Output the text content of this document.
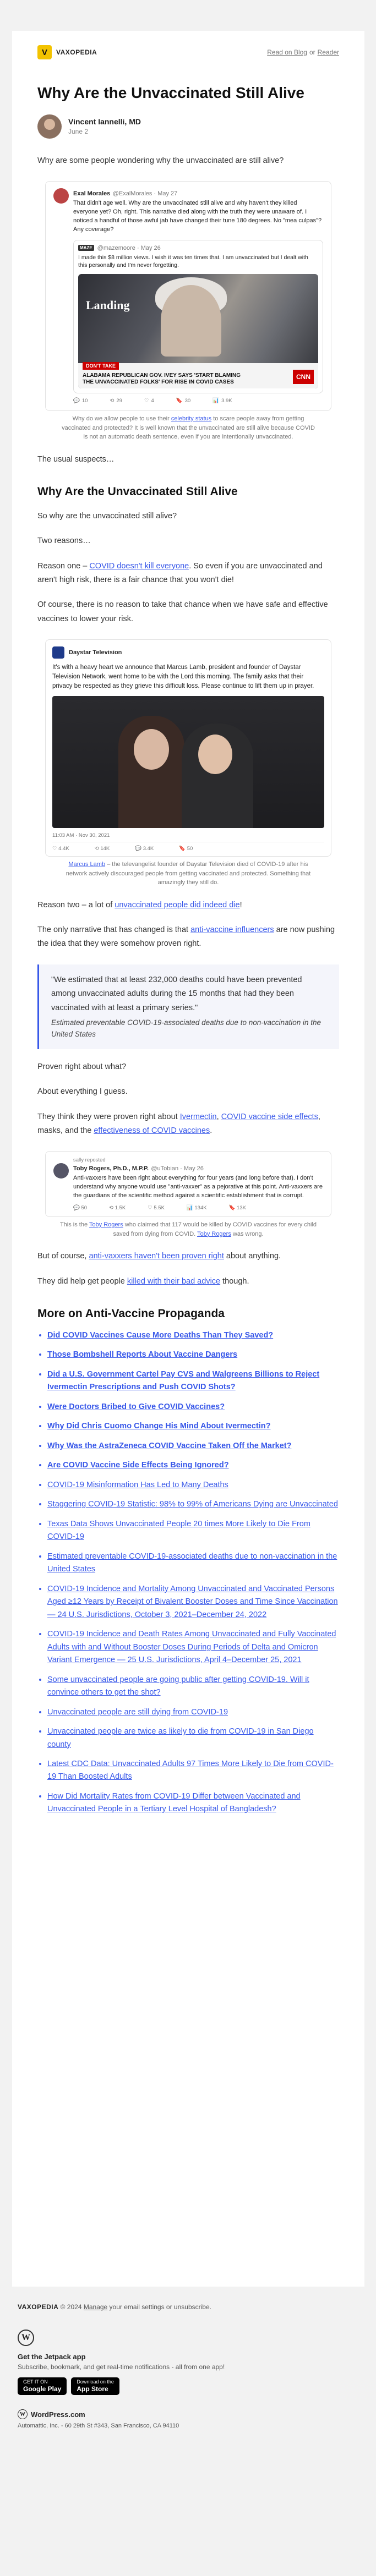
V	VAXOPEDIA	Read on Blog or Reader
Why Are the Unvaccinated Still Alive
Vincent Iannelli, MD
June 2

Why are some people wondering why the unvaccinated are still alive?

Exal Morales @ExalMorales · May 27
That didn't age well. Why are the unvaccinated still alive and why haven't they killed everyone yet? Oh, right. This narrative died along with the truth they were unaware of. I noticed a handful of those awful jab have changed their tune 180 degrees. No "mea culpas"? Any coverage?
MAZE @mazemoore · May 26
I made this $8 million views. I wish it was ten times that. I am unvaccinated but I dealt with this personally and I'm never forgetting.
Landing
DON'T TAKE
ALABAMA REPUBLICAN GOV. IVEY SAYS 'START BLAMING
THE UNVACCINATED FOLKS' FOR RISE IN COVID CASES
CNN
💬 10	⟲ 29	♡ 4	🔖 30	📊 3.9K
Why do we allow people to use their celebrity status to scare people away from getting vaccinated and protected? It is well known that the unvaccinated are still alive because COVID is not an automatic death sentence, even if you are intentionally unvaccinated.

The usual suspects…

Why Are the Unvaccinated Still Alive

So why are the unvaccinated still alive?

Two reasons…

Reason one – COVID doesn't kill everyone. So even if you are unvaccinated and aren't high risk, there is a fair chance that you won't die!

Of course, there is no reason to take that chance when we have safe and effective vaccines to lower your risk.

Daystar Television
It's with a heavy heart we announce that Marcus Lamb, president and founder of Daystar Television Network, went home to be with the Lord this morning. The family asks that their privacy be respected as they grieve this difficult loss. Please continue to lift them up in prayer.
11:03 AM · Nov 30, 2021
♡ 4.4K	⟲ 14K	💬 3.4K	🔖 50
Marcus Lamb – the televangelist founder of Daystar Television died of COVID-19 after his network actively discouraged people from getting vaccinated and protected. Something that amazingly they still do.

Reason two – a lot of unvaccinated people did indeed die!

The only narrative that has changed is that anti-vaccine influencers are now pushing the idea that they were somehow proven right.

"We estimated that at least 232,000 deaths could have been prevented among unvaccinated adults during the 15 months that had they been vaccinated with at least a primary series."

Estimated preventable COVID-19-associated deaths due to non-vaccination in the United States

Proven right about what?

About everything I guess.

They think they were proven right about Ivermectin, COVID vaccine side effects, masks, and the effectiveness of COVID vaccines.

sally reposted
Toby Rogers, Ph.D., M.P.P. @uTobian · May 26
Anti-vaxxers have been right about everything for four years (and long before that). I don't understand why anyone would use "anti-vaxxer" as a pejorative at this point. Anti-vaxxers are the guardians of the scientific method against a scientific establishment that is corrupt.
💬 50	⟲ 1.5K	♡ 5.5K	📊 134K	🔖 13K
This is the Toby Rogers who claimed that 117 would be killed by COVID vaccines for every child saved from dying from COVID. Toby Rogers was wrong.

But of course, anti-vaxxers haven't been proven right about anything.

They did help get people killed with their bad advice though.

More on Anti-Vaccine Propaganda
• Did COVID Vaccines Cause More Deaths Than They Saved?
• Those Bombshell Reports About Vaccine Dangers
• Did a U.S. Government Cartel Pay CVS and Walgreens Billions to Reject Ivermectin Prescriptions and Push COVID Shots?
• Were Doctors Bribed to Give COVID Vaccines?
• Why Did Chris Cuomo Change His Mind About Ivermectin?
• Why Was the AstraZeneca COVID Vaccine Taken Off the Market?
• Are COVID Vaccine Side Effects Being Ignored?
• COVID-19 Misinformation Has Led to Many Deaths
• Staggering COVID-19 Statistic: 98% to 99% of Americans Dying are Unvaccinated
• Texas Data Shows Unvaccinated People 20 times More Likely to Die From COVID-19
• Estimated preventable COVID-19-associated deaths due to non-vaccination in the United States
• COVID-19 Incidence and Mortality Among Unvaccinated and Vaccinated Persons Aged ≥12 Years by Receipt of Bivalent Booster Doses and Time Since Vaccination — 24 U.S. Jurisdictions, October 3, 2021–December 24, 2022
• COVID-19 Incidence and Death Rates Among Unvaccinated and Fully Vaccinated Adults with and Without Booster Doses During Periods of Delta and Omicron Variant Emergence — 25 U.S. Jurisdictions, April 4–December 25, 2021
• Some unvaccinated people are going public after getting COVID-19. Will it convince others to get the shot?
• Unvaccinated people are still dying from COVID-19
• Unvaccinated people are twice as likely to die from COVID-19 in San Diego county
• Latest CDC Data: Unvaccinated Adults 97 Times More Likely to Die from COVID-19 Than Boosted Adults
• How Did Mortality Rates from COVID-19 Differ between Vaccinated and Unvaccinated People in a Tertiary Level Hospital of Bangladesh?
VAXOPEDIA © 2024 Manage your email settings or unsubscribe.
W
Get the Jetpack app
Subscribe, bookmark, and get real-time notifications - all from one app!
GET IT ON
Google Play
Download on the
App Store
W WordPress.com
Automattic, Inc. - 60 29th St #343, San Francisco, CA 94110
